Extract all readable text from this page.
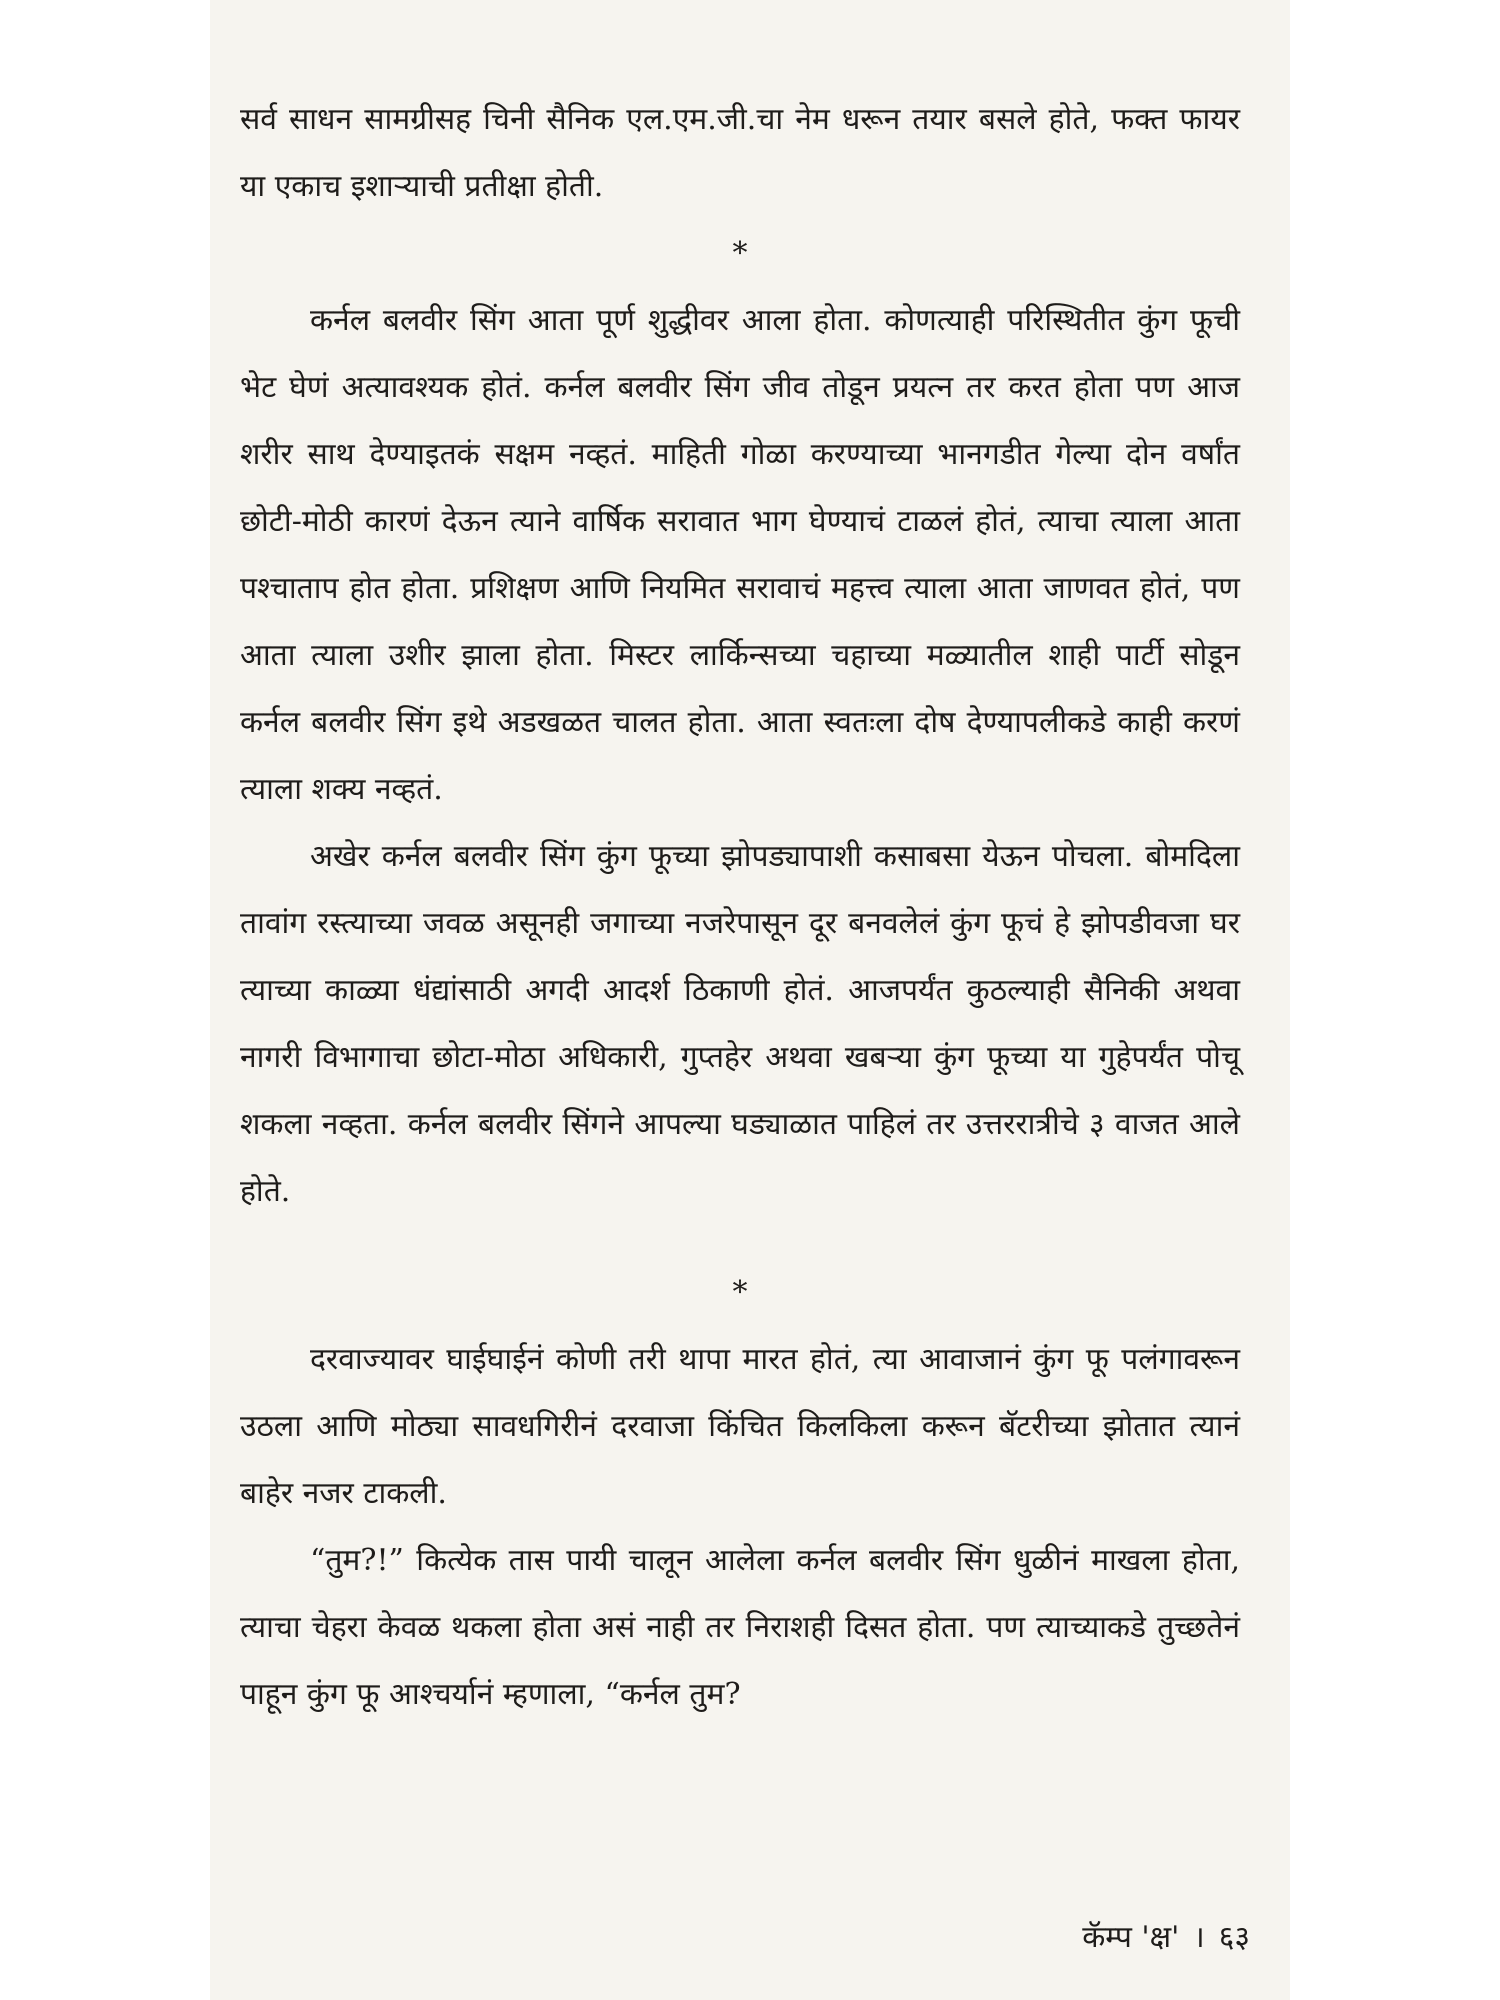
सर्व साधन सामग्रीसह चिनी सैनिक एल.एम.जी.चा नेम धरून तयार बसले होते, फक्त फायर या एकाच इशाऱ्याची प्रतीक्षा होती.

*

कर्नल बलवीर सिंग आता पूर्ण शुद्धीवर आला होता. कोणत्याही परिस्थितीत कुंग फूची भेट घेणं अत्यावश्यक होतं. कर्नल बलवीर सिंग जीव तोडून प्रयत्न तर करत होता पण आज शरीर साथ देण्याइतकं सक्षम नव्हतं. माहिती गोळा करण्याच्या भानगडीत गेल्या दोन वर्षांत छोटी-मोठी कारणं देऊन त्याने वार्षिक सरावात भाग घेण्याचं टाळलं होतं, त्याचा त्याला आता पश्चाताप होत होता. प्रशिक्षण आणि नियमित सरावाचं महत्त्व त्याला आता जाणवत होतं, पण आता त्याला उशीर झाला होता. मिस्टर लार्किन्सच्या चहाच्या मळ्यातील शाही पार्टी सोडून कर्नल बलवीर सिंग इथे अडखळत चालत होता. आता स्वतःला दोष देण्यापलीकडे काही करणं त्याला शक्य नव्हतं.

अखेर कर्नल बलवीर सिंग कुंग फूच्या झोपड्यापाशी कसाबसा येऊन पोचला. बोमदिला तावांग रस्त्याच्या जवळ असूनही जगाच्या नजरेपासून दूर बनवलेलं कुंग फूचं हे झोपडीवजा घर त्याच्या काळ्या धंद्यांसाठी अगदी आदर्श ठिकाणी होतं. आजपर्यंत कुठल्याही सैनिकी अथवा नागरी विभागाचा छोटा-मोठा अधिकारी, गुप्तहेर अथवा खबऱ्या कुंग फूच्या या गुहेपर्यंत पोचू शकला नव्हता. कर्नल बलवीर सिंगने आपल्या घड्याळात पाहिलं तर उत्तररात्रीचे ३ वाजत आले होते.

*

दरवाज्यावर घाईघाईनं कोणी तरी थापा मारत होतं, त्या आवाजानं कुंग फू पलंगावरून उठला आणि मोठ्या सावधगिरीनं दरवाजा किंचित किलकिला करून बॅटरीच्या झोतात त्यानं बाहेर नजर टाकली.

“तुम?!” कित्येक तास पायी चालून आलेला कर्नल बलवीर सिंग धुळीनं माखला होता, त्याचा चेहरा केवळ थकला होता असं नाही तर निराशही दिसत होता. पण त्याच्याकडे तुच्छतेनं पाहून कुंग फू आश्चर्यानं म्हणाला, “कर्नल तुम?

कॅम्प 'क्ष' । ६३
